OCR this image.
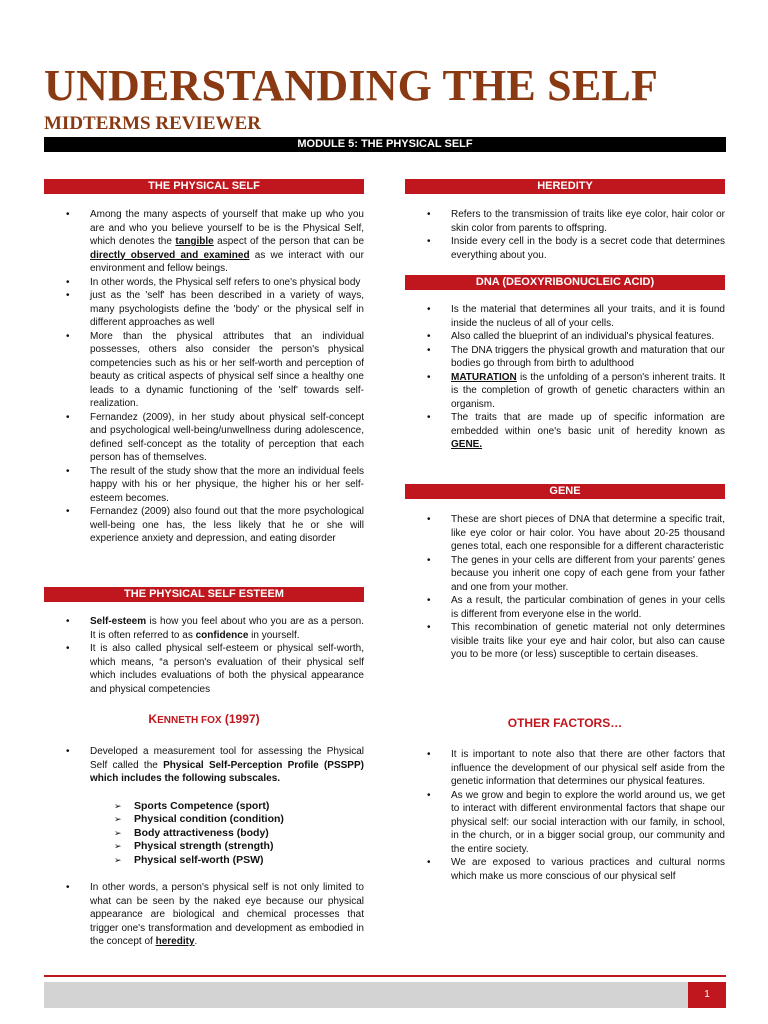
UNDERSTANDING THE SELF
MIDTERMS REVIEWER
MODULE 5: THE PHYSICAL SELF
THE PHYSICAL SELF
• Among the many aspects of yourself that make up who you are and who you believe yourself to be is the Physical Self, which denotes the tangible aspect of the person that can be directly observed and examined as we interact with our environment and fellow beings.
• In other words, the Physical self refers to one's physical body
• just as the 'self' has been described in a variety of ways, many psychologists define the 'body' or the physical self in different approaches as well
• More than the physical attributes that an individual possesses, others also consider the person's physical competencies such as his or her self-worth and perception of beauty as critical aspects of physical self since a healthy one leads to a dynamic functioning of the 'self' towards self-realization.
• Fernandez (2009), in her study about physical self-concept and psychological well-being/unwellness during adolescence, defined self-concept as the totality of perception that each person has of themselves.
• The result of the study show that the more an individual feels happy with his or her physique, the higher his or her self-esteem becomes.
• Fernandez (2009) also found out that the more psychological well-being one has, the less likely that he or she will experience anxiety and depression, and eating disorder
THE PHYSICAL SELF ESTEEM
• Self-esteem is how you feel about who you are as a person. It is often referred to as confidence in yourself.
• It is also called physical self-esteem or physical self-worth, which means, “a person's evaluation of their physical self which includes evaluations of both the physical appearance and physical competencies
KENNETH FOX (1997)
• Developed a measurement tool for assessing the Physical Self called the Physical Self-Perception Profile (PSSPP) which includes the following subscales.
➢ Sports Competence (sport)
➢ Physical condition (condition)
➢ Body attractiveness (body)
➢ Physical strength (strength)
➢ Physical self-worth (PSW)
• In other words, a person's physical self is not only limited to what can be seen by the naked eye because our physical appearance are biological and chemical processes that trigger one's transformation and development as embodied in the concept of heredity.
HEREDITY
• Refers to the transmission of traits like eye color, hair color or skin color from parents to offspring.
• Inside every cell in the body is a secret code that determines everything about you.
DNA (DEOXYRIBONUCLEIC ACID)
• Is the material that determines all your traits, and it is found inside the nucleus of all of your cells.
• Also called the blueprint of an individual's physical features.
• The DNA triggers the physical growth and maturation that our bodies go through from birth to adulthood
• MATURATION is the unfolding of a person's inherent traits. It is the completion of growth of genetic characters within an organism.
• The traits that are made up of specific information are embedded within one's basic unit of heredity known as GENE.
GENE
• These are short pieces of DNA that determine a specific trait, like eye color or hair color. You have about 20-25 thousand genes total, each one responsible for a different characteristic
• The genes in your cells are different from your parents' genes because you inherit one copy of each gene from your father and one from your mother.
• As a result, the particular combination of genes in your cells is different from everyone else in the world.
• This recombination of genetic material not only determines visible traits like your eye and hair color, but also can cause you to be more (or less) susceptible to certain diseases.
OTHER FACTORS…
• It is important to note also that there are other factors that influence the development of our physical self aside from the genetic information that determines our physical features.
• As we grow and begin to explore the world around us, we get to interact with different environmental factors that shape our physical self: our social interaction with our family, in school, in the church, or in a bigger social group, our community and the entire society.
• We are exposed to various practices and cultural norms which make us more conscious of our physical self
1
